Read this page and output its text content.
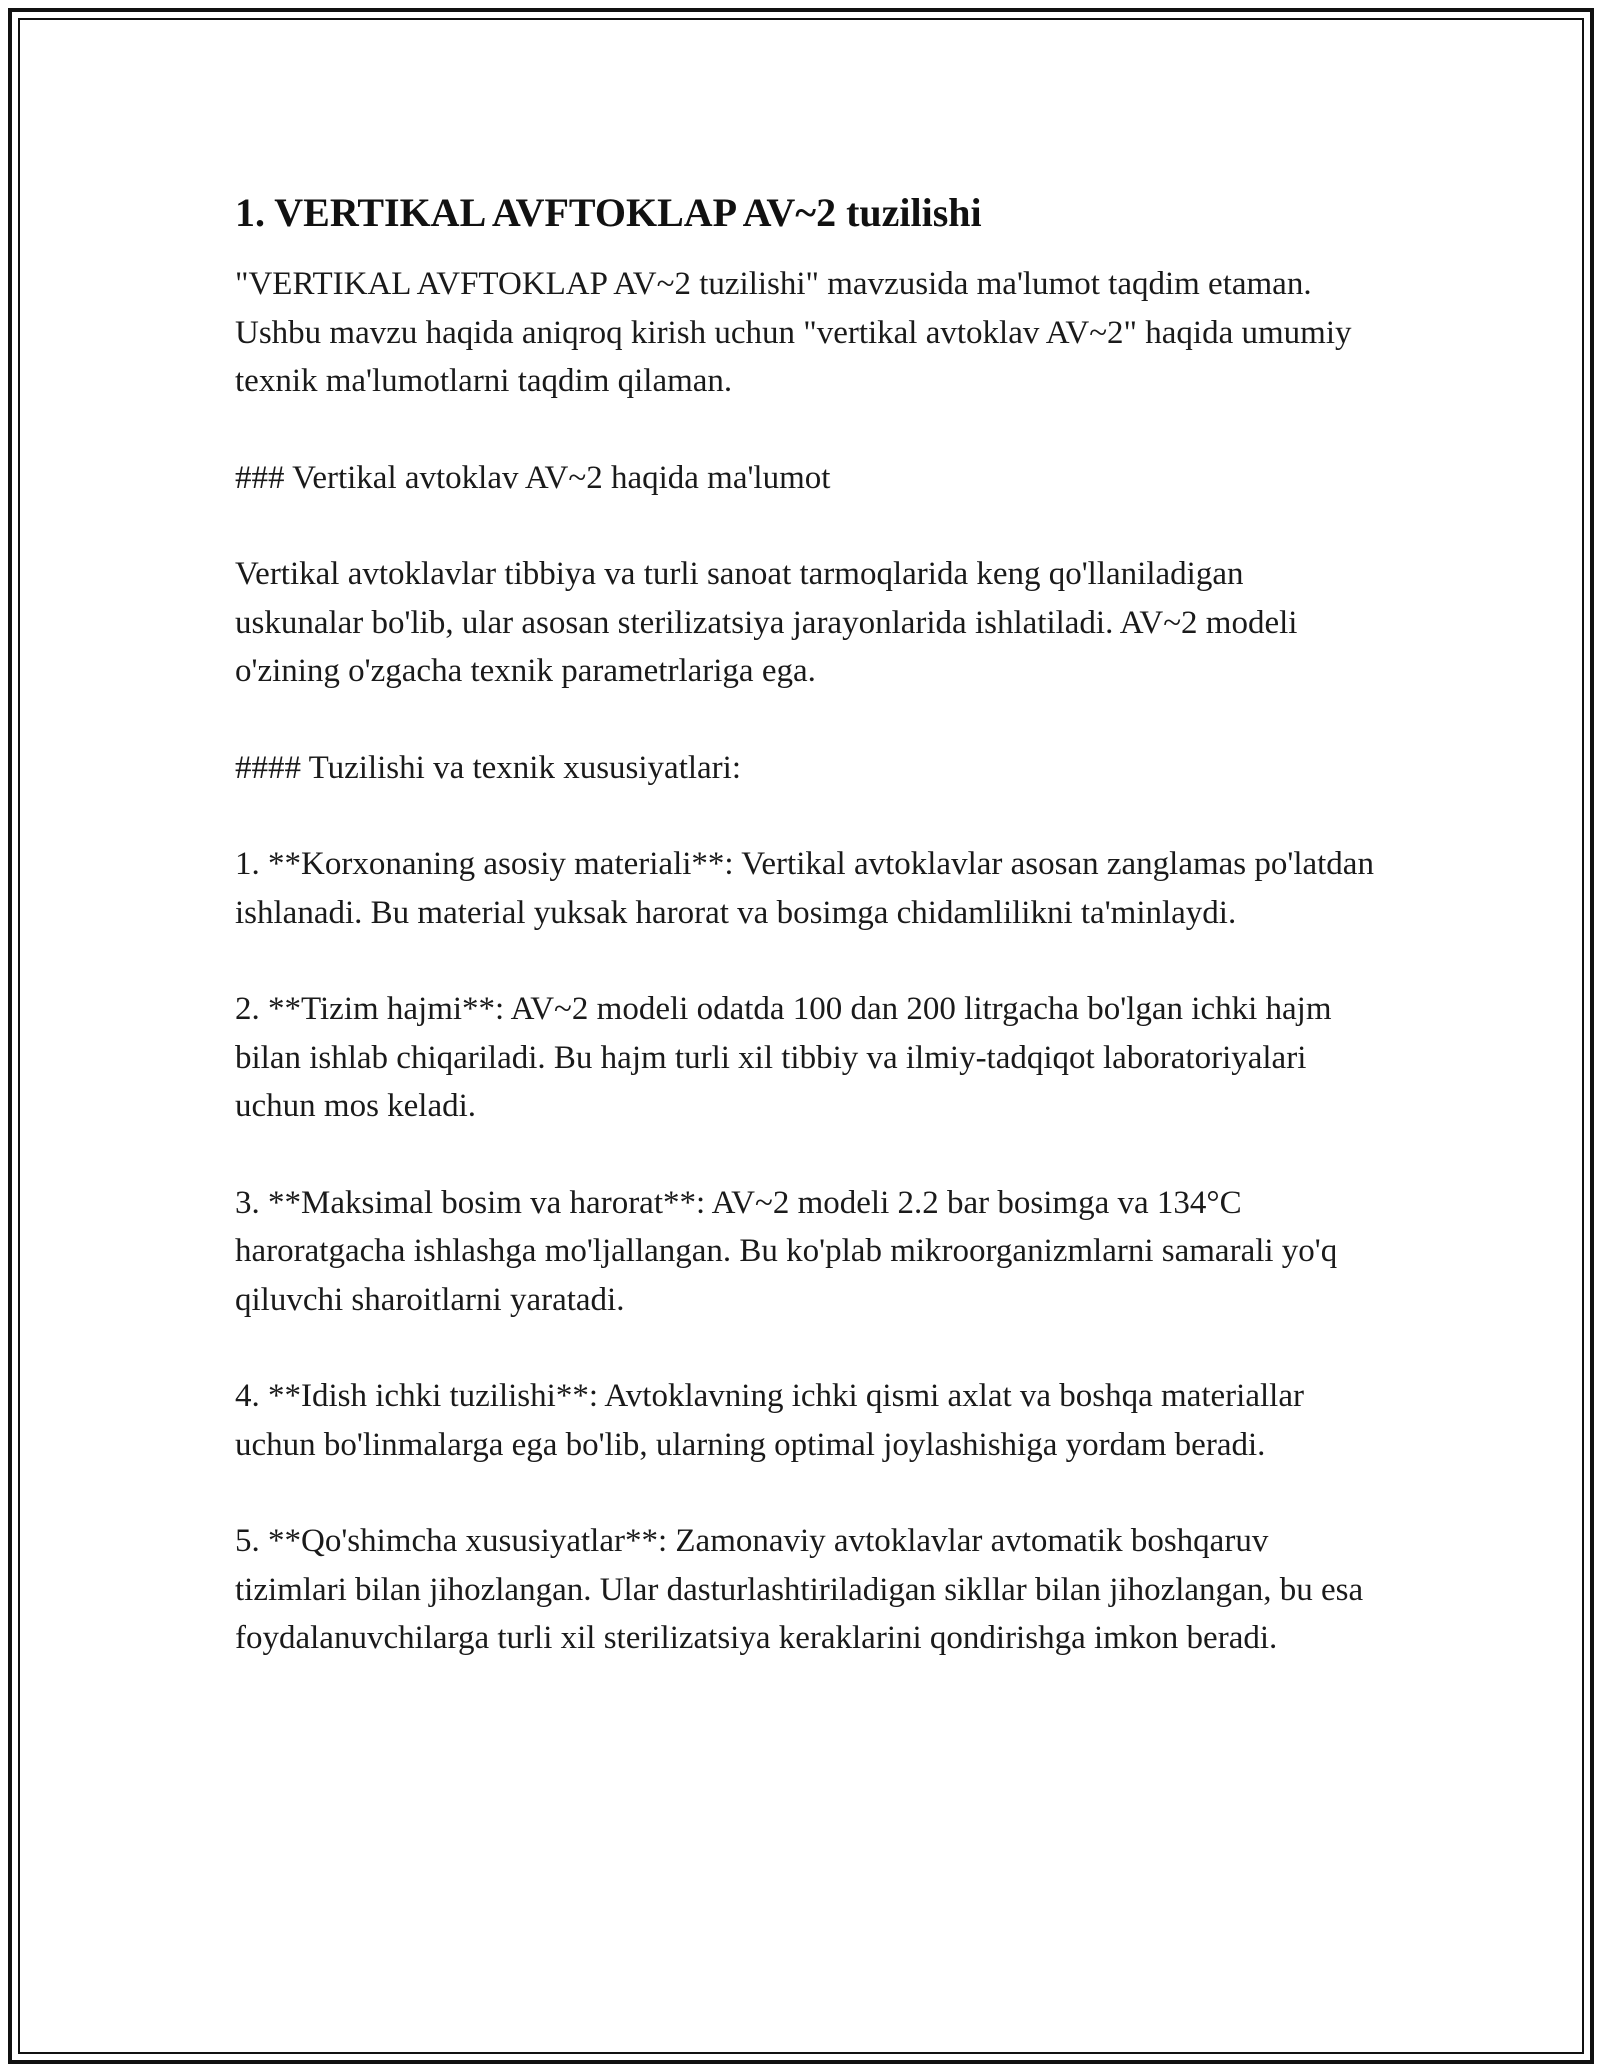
1. VERTIKAL AVFTOKLAP AV~2 tuzilishi

"VERTIKAL AVFTOKLAP AV~2 tuzilishi" mavzusida ma'lumot taqdim etaman. Ushbu mavzu haqida aniqroq kirish uchun "vertikal avtoklav AV~2" haqida umumiy texnik ma'lumotlarni taqdim qilaman.

### Vertikal avtoklav AV~2 haqida ma'lumot

Vertikal avtoklavlar tibbiya va turli sanoat tarmoqlarida keng qo'llaniladigan uskunalar bo'lib, ular asosan sterilizatsiya jarayonlarida ishlatiladi. AV~2 modeli o'zining o'zgacha texnik parametrlariga ega.

#### Tuzilishi va texnik xususiyatlari:

1. **Korxonaning asosiy materiali**: Vertikal avtoklavlar asosan zanglamas po'latdan ishlanadi. Bu material yuksak harorat va bosimga chidamlilikni ta'minlaydi.

2. **Tizim hajmi**: AV~2 modeli odatda 100 dan 200 litrgacha bo'lgan ichki hajm bilan ishlab chiqariladi. Bu hajm turli xil tibbiy va ilmiy-tadqiqot laboratoriyalari uchun mos keladi.

3. **Maksimal bosim va harorat**: AV~2 modeli 2.2 bar bosimga va 134°C haroratgacha ishlashga mo'ljallangan. Bu ko'plab mikroorganizmlarni samarali yo'q qiluvchi sharoitlarni yaratadi.

4. **Idish ichki tuzilishi**: Avtoklavning ichki qismi axlat va boshqa materiallar uchun bo'linmalarga ega bo'lib, ularning optimal joylashishiga yordam beradi.

5. **Qo'shimcha xususiyatlar**: Zamonaviy avtoklavlar avtomatik boshqaruv tizimlari bilan jihozlangan. Ular dasturlashtiriladigan sikllar bilan jihozlangan, bu esa foydalanuvchilarga turli xil sterilizatsiya keraklarini qondirishga imkon beradi.
